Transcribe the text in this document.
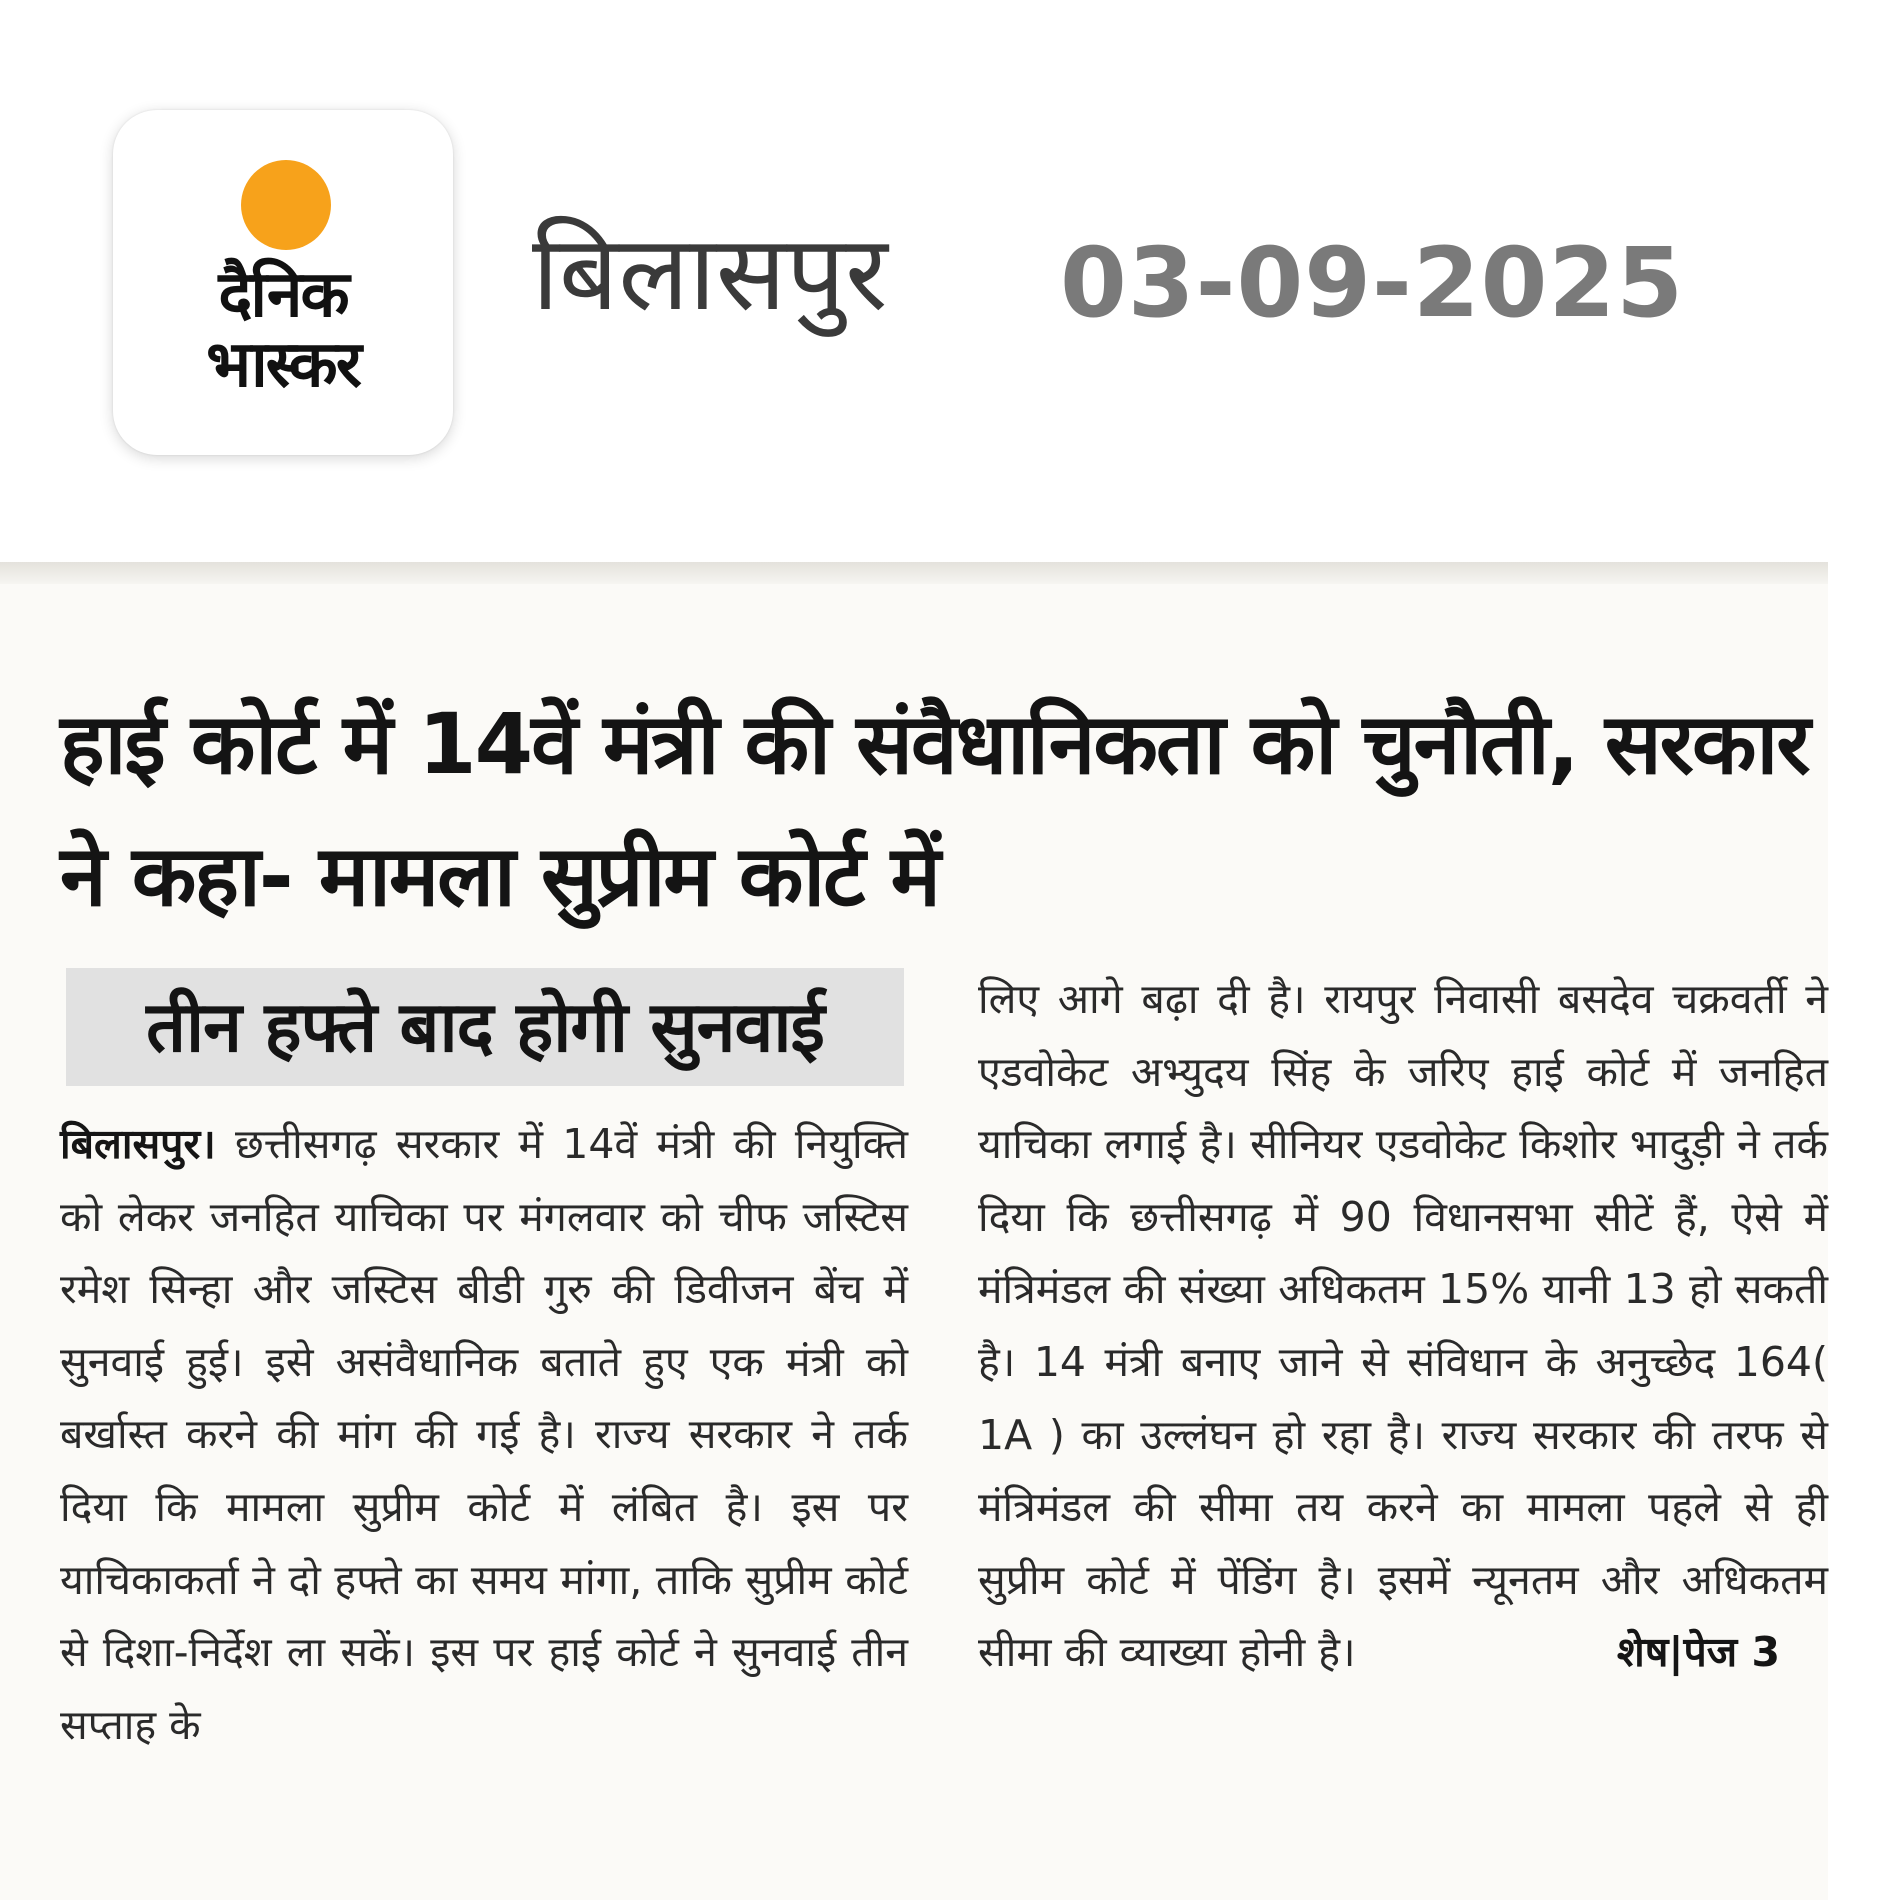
दैनिक
भास्कर
बिलासपुर 03-09-2025
हाई कोर्ट में 14वें मंत्री की संवैधानिकता को चुनौती, सरकार ने कहा- मामला सुप्रीम कोर्ट में
तीन हफ्ते बाद होगी सुनवाई
बिलासपुर। छत्तीसगढ़ सरकार में 14वें मंत्री की नियुक्ति को लेकर जनहित याचिका पर मंगलवार को चीफ जस्टिस रमेश सिन्हा और जस्टिस बीडी गुरु की डिवीजन बेंच में सुनवाई हुई। इसे असंवैधानिक बताते हुए एक मंत्री को बर्खास्त करने की मांग की गई है। राज्य सरकार ने तर्क दिया कि मामला सुप्रीम कोर्ट में लंबित है। इस पर याचिकाकर्ता ने दो हफ्ते का समय मांगा, ताकि सुप्रीम कोर्ट से दिशा-निर्देश ला सकें। इस पर हाई कोर्ट ने सुनवाई तीन सप्ताह के
लिए आगे बढ़ा दी है। रायपुर निवासी बसदेव चक्रवर्ती ने एडवोकेट अभ्युदय सिंह के जरिए हाई कोर्ट में जनहित याचिका लगाई है। सीनियर एडवोकेट किशोर भादुड़ी ने तर्क दिया कि छत्तीसगढ़ में 90 विधानसभा सीटें हैं, ऐसे में मंत्रिमंडल की संख्या अधिकतम 15% यानी 13 हो सकती है। 14 मंत्री बनाए जाने से संविधान के अनुच्छेद 164( 1A ) का उल्लंघन हो रहा है। राज्य सरकार की तरफ से मंत्रिमंडल की सीमा तय करने का मामला पहले से ही सुप्रीम कोर्ट में पेंडिंग है। इसमें न्यूनतम और अधिकतम सीमा की व्याख्या होनी है।	शेष|पेज 3
